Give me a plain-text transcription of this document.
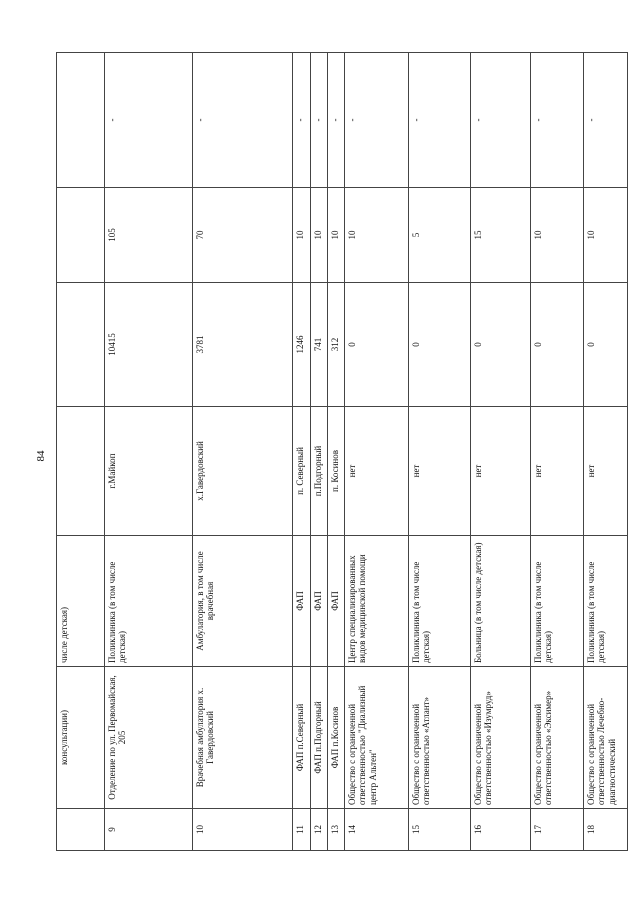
84
	консультации)	числе детская)				
9	Отделение по ул. Первомайская, 205	Поликлиника (в том числе детская)	г.Майкоп	10415	105	-
10	Врачебная амбулатория х. Гавердовский	Амбулатория, в том числе врачебная	х.Гавердовский	3781	70	-
11	ФАП п.Северный	ФАП	п. Северный	1246	10	-
12	ФАП п.Подгорный	ФАП	п.Подгорный	741	10	-
13	ФАП п.Косинов	ФАП	п. Косинов	312	10	-
14	Общество с ограниченной ответственностью "Диализный центр Альтен"	Центр специализированных видов медицинской помощи	нет	0	10	-
15	Общество с ограниченной ответственностью «Атлант»	Поликлиника (в том числе детская)	нет	0	5	-
16	Общество с ограниченной ответственностью «Изумруд»	Больница (в том числе детская)	нет	0	15	-
17	Общество с ограниченной ответственностью «Эксимер»	Поликлиника (в том числе детская)	нет	0	10	-
18	Общество с ограниченной ответственностью Лечебно-диагностический	Поликлиника (в том числе детская)	нет	0	10	-
